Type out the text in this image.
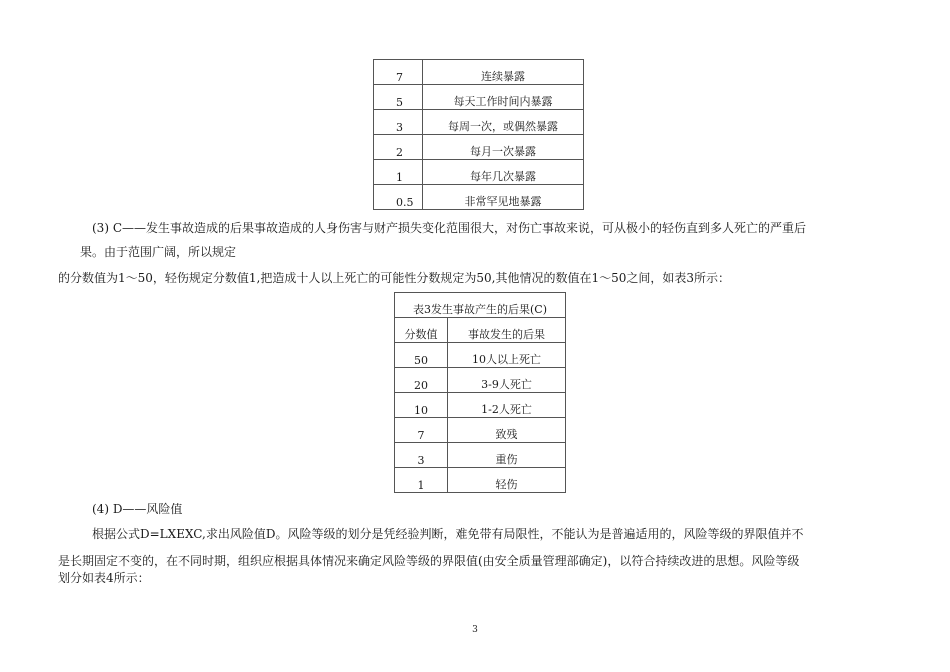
7	连续暴露
5	每天工作时间内暴露
3	每周一次，或偶然暴露
2	每月一次暴露
1	每年几次暴露
0.5	非常罕见地暴露
(3) C——发生事故造成的后果事故造成的人身伤害与财产损失变化范围很大，对伤亡事故来说，可从极小的轻伤直到多人死亡的严重后
果。由于范围广阔，所以规定
的分数值为1～50，轻伤规定分数值1,把造成十人以上死亡的可能性分数规定为50,其他情况的数值在1～50之间，如表3所示：
表3发生事故产生的后果(C)	
分数值	事故发生的后果
50	10人以上死亡
20	3-9人死亡
10	1-2人死亡
7	致残
3	重伤
1	轻伤
(4) D——风险值
根据公式D=LXEXC,求出风险值D。风险等级的划分是凭经验判断，难免带有局限性，不能认为是普遍适用的，风险等级的界限值并不
是长期固定不变的，在不同时期，组织应根据具体情况来确定风险等级的界限值(由安全质量管理部确定)，以符合持续改进的思想。风险等级
划分如表4所示：
3
